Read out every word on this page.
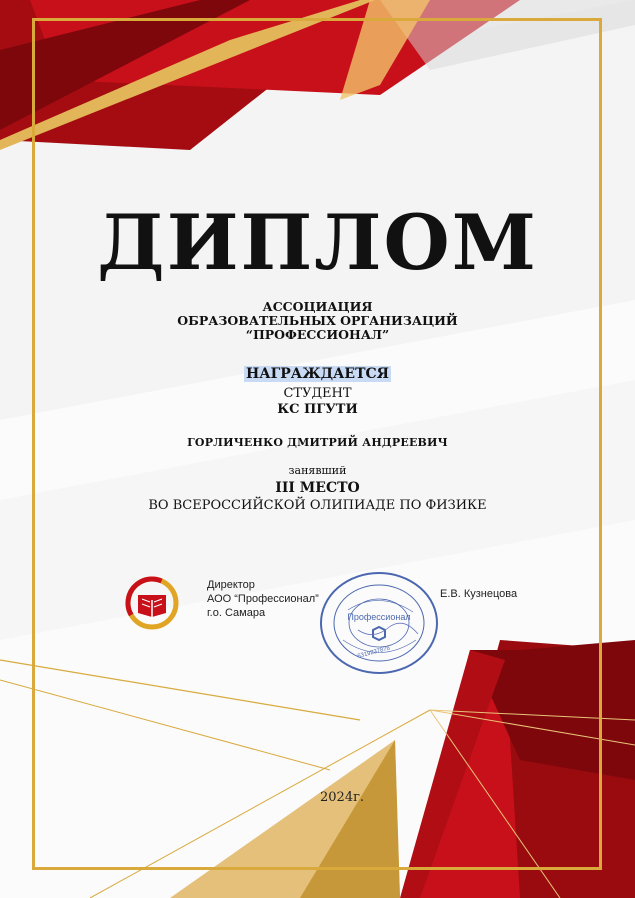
ДИПЛОМ
АССОЦИАЦИЯ
ОБРАЗОВАТЕЛЬНЫХ ОРГАНИЗАЦИЙ
“ПРОФЕССИОНАЛ”
НАГРАЖДАЕТСЯ
СТУДЕНТ
КС ПГУТИ
ГОРЛИЧЕНКО ДМИТРИЙ АНДРЕЕВИЧ
занявший
III МЕСТО
ВО ВСЕРОССИЙСКОЙ ОЛИПИАДЕ ПО ФИЗИКЕ
Директор
АОО “Профессионал”
г.о. Самара	Профессионал
6319237876
Е.В. Кузнецова
2024г.
